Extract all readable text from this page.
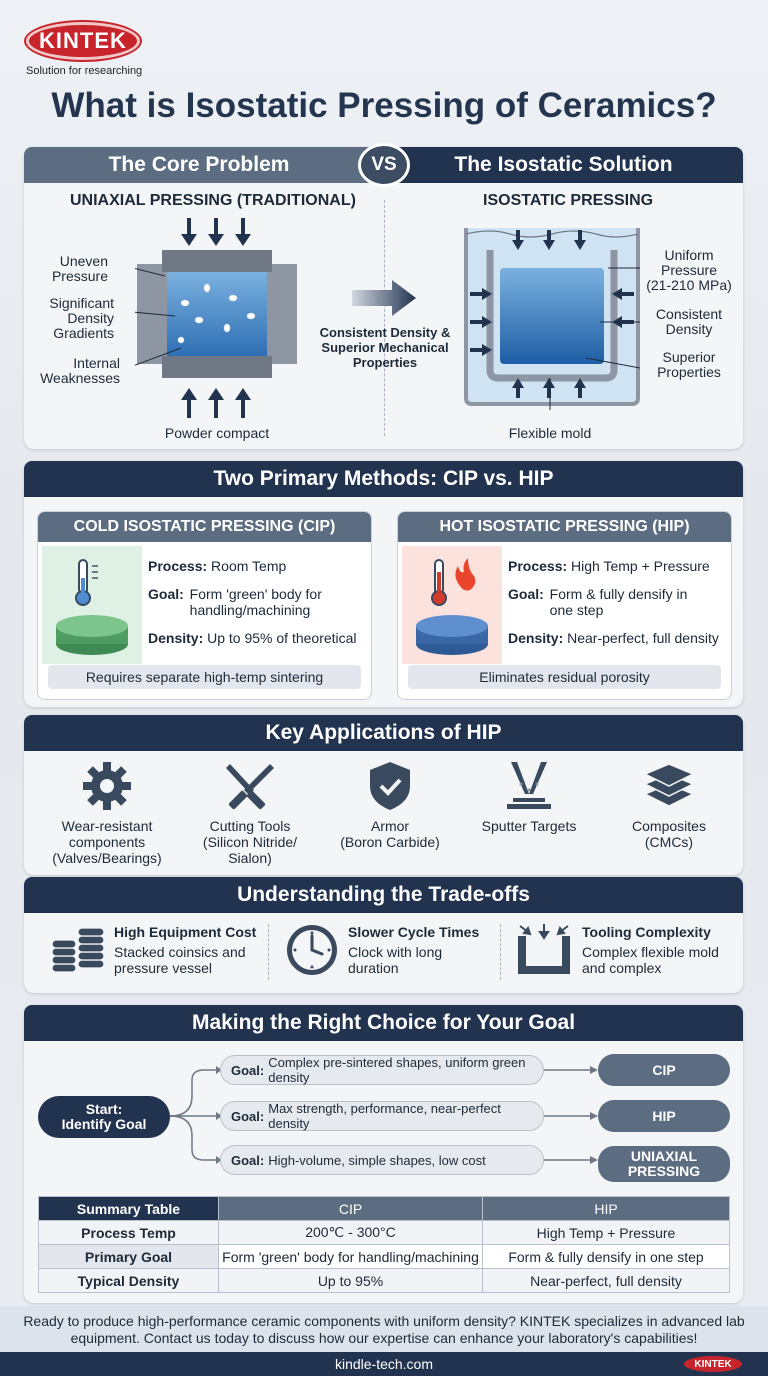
KINTEK
Solution for researching
What is Isostatic Pressing of Ceramics?
The Core Problem	The Isostatic Solution
VS
UNIAXIAL PRESSING (TRADITIONAL)	ISOSTATIC PRESSING
Uneven
Pressure
Significant
Density
Gradients
Internal
Weaknesses
Powder compact
Consistent Density &
Superior Mechanical
Properties
Uniform
Pressure
(21-210 MPa)
Consistent
Density
Superior
Properties
Flexible mold
Two Primary Methods: CIP vs. HIP
COLD ISOSTATIC PRESSING (CIP)
Process: Room Temp
Goal: Form 'green' body for
handling/machining
Density: Up to 95% of theoretical
Requires separate high-temp sintering
HOT ISOSTATIC PRESSING (HIP)
Process: High Temp + Pressure
Goal: Form & fully densify in
one step
Density: Near-perfect, full density
Eliminates residual porosity
Key Applications of HIP
Wear-resistant
components
(Valves/Bearings)
Cutting Tools
(Silicon Nitride/
Sialon)
Armor
(Boron Carbide)
Sputter Targets	Composites
(CMCs)
Understanding the Trade-offs
High Equipment Cost
Stacked coinsics and
pressure vessel
Slower Cycle Times
Clock with long
duration
Tooling Complexity
Complex flexible mold
and complex
Making the Right Choice for Your Goal
Start:
Identify Goal
Goal: Complex pre-sintered shapes, uniform green density
Goal: Max strength, performance, near-perfect density
Goal: High-volume, simple shapes, low cost
CIP
HIP
UNIAXIAL
PRESSING
Summary Table	CIP	HIP
Process Temp	200℃ - 300°C	High Temp + Pressure
Primary Goal	Form 'green' body for handling/machining	Form & fully densify in one step
Typical Density	Up to 95%	Near-perfect, full density
Ready to produce high-performance ceramic components with uniform density? KINTEK specializes in advanced lab equipment. Contact us today to discuss how our expertise can enhance your laboratory's capabilities!
kindle-tech.com	KINTEK
